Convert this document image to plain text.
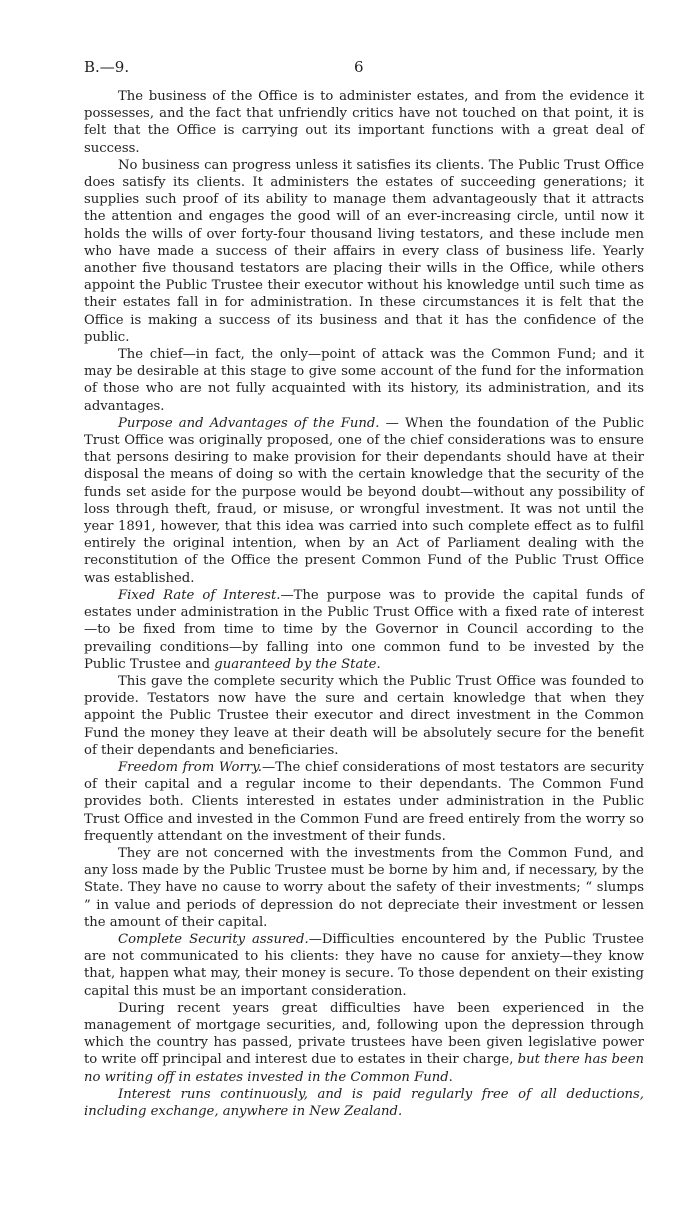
B.—9.	6

The business of the Office is to administer estates, and from the evidence it possesses, and the fact that unfriendly critics have not touched on that point, it is felt that the Office is carrying out its important functions with a great deal of success.

No business can progress unless it satisfies its clients. The Public Trust Office does satisfy its clients. It administers the estates of succeeding generations; it supplies such proof of its ability to manage them advantageously that it attracts the attention and engages the good will of an ever-increasing circle, until now it holds the wills of over forty-four thousand living testators, and these include men who have made a success of their affairs in every class of business life. Yearly another five thousand testators are placing their wills in the Office, while others appoint the Public Trustee their executor without his knowledge until such time as their estates fall in for administration. In these circumstances it is felt that the Office is making a success of its business and that it has the confidence of the public.

The chief—in fact, the only—point of attack was the Common Fund; and it may be desirable at this stage to give some account of the fund for the information of those who are not fully acquainted with its history, its administration, and its advantages.

Purpose and Advantages of the Fund. — When the foundation of the Public Trust Office was originally proposed, one of the chief considerations was to ensure that persons desiring to make provision for their dependants should have at their disposal the means of doing so with the certain knowledge that the security of the funds set aside for the purpose would be beyond doubt—without any possibility of loss through theft, fraud, or misuse, or wrongful investment. It was not until the year 1891, however, that this idea was carried into such complete effect as to fulfil entirely the original intention, when by an Act of Parliament dealing with the reconstitution of the Office the present Common Fund of the Public Trust Office was established.

Fixed Rate of Interest.—The purpose was to provide the capital funds of estates under administration in the Public Trust Office with a fixed rate of interest—to be fixed from time to time by the Governor in Council according to the prevailing conditions—by falling into one common fund to be invested by the Public Trustee and guaranteed by the State.

This gave the complete security which the Public Trust Office was founded to provide. Testators now have the sure and certain knowledge that when they appoint the Public Trustee their executor and direct investment in the Common Fund the money they leave at their death will be absolutely secure for the benefit of their dependants and beneficiaries.

Freedom from Worry.—The chief considerations of most testators are security of their capital and a regular income to their dependants. The Common Fund provides both. Clients interested in estates under administration in the Public Trust Office and invested in the Common Fund are freed entirely from the worry so frequently attendant on the investment of their funds.

They are not concerned with the investments from the Common Fund, and any loss made by the Public Trustee must be borne by him and, if necessary, by the State. They have no cause to worry about the safety of their investments; “ slumps ” in value and periods of depression do not depreciate their investment or lessen the amount of their capital.

Complete Security assured.—Difficulties encountered by the Public Trustee are not communicated to his clients: they have no cause for anxiety—they know that, happen what may, their money is secure. To those dependent on their existing capital this must be an important consideration.

During recent years great difficulties have been experienced in the management of mortgage securities, and, following upon the depression through which the country has passed, private trustees have been given legislative power to write off principal and interest due to estates in their charge, but there has been no writing off in estates invested in the Common Fund.

Interest runs continuously, and is paid regularly free of all deductions, including exchange, anywhere in New Zealand.
